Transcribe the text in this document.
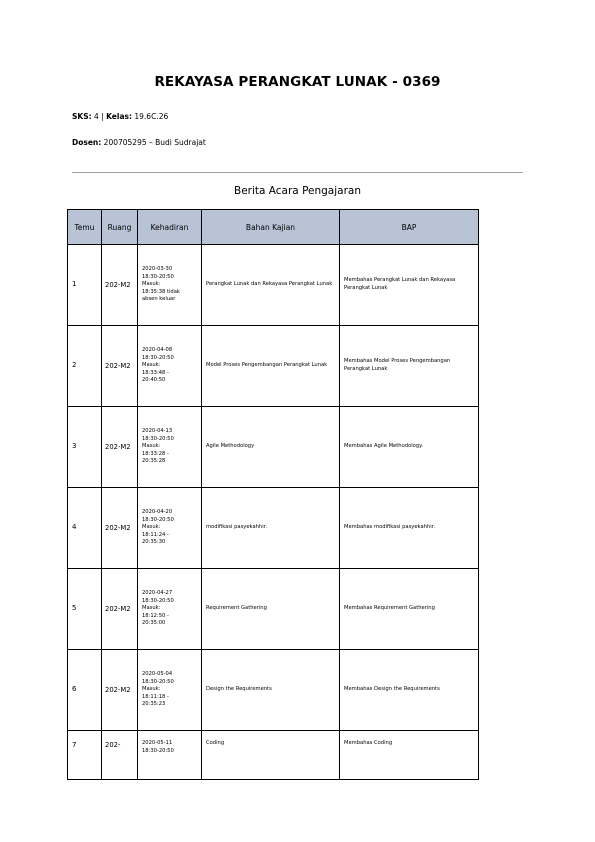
REKAYASA PERANGKAT LUNAK - 0369
SKS: 4 | Kelas: 19.6C.26
Dosen: 200705295 – Budi Sudrajat
Berita Acara Pengajaran
Temu	Ruang	Kehadiran	Bahan Kajian	BAP
1	202-M2	2020-03-30
18:30-20:50
Masuk:
18:35:38 tidak
absen keluar	Perangkat Lunak dan Rekayasa Perangkat Lunak	Membahas Perangkat Lunak dan Rekayasa Perangkat Lunak
2	202-M2	2020-04-08
18:30-20:50
Masuk:
18:33:48 -
20:40:50	Model Proses Pengembangan Perangkat Lunak	Membahas Model Proses Pengembangan Perangkat Lunak
3	202-M2	2020-04-13
18:30-20:50
Masuk:
18:33:28 -
20:35:28	Agile Methodology	Membahas Agile Methodology.
4	202-M2	2020-04-20
18:30-20:50
Masuk:
18:11:24 -
20:35:30	modifikasi pasyekahhir.	Membahas modifikasi pasyekahhir.
5	202-M2	2020-04-27
18:30-20:50
Masuk:
18:12:50 -
20:35:00	Requirement Gathering	Membahas Requirement Gathering
6	202-M2	2020-05-04
18:30-20:50
Masuk:
18:11:18 -
20:35:23	Design the Requirements	Membahas Design the Requirements
7	202-	2020-05-11
18:30-20:50	Coding	Membahas Coding
